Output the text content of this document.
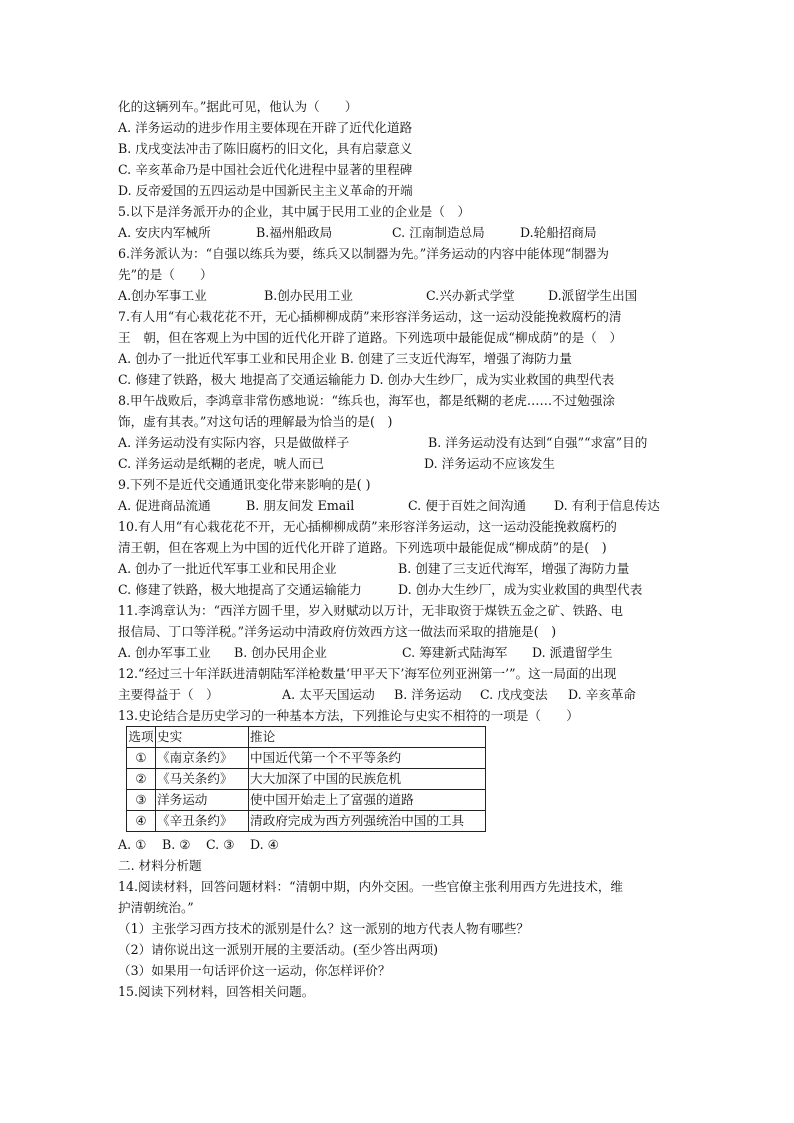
化的这辆列车。”据此可见，他认为（　　）
A. 洋务运动的进步作用主要体现在开辟了近代化道路
B. 戊戌变法冲击了陈旧腐朽的旧文化，具有启蒙意义
C. 辛亥革命乃是中国社会近代化进程中显著的里程碑
D. 反帝爱国的五四运动是中国新民主主义革命的开端
5.以下是洋务派开办的企业，其中属于民用工业的企业是（　）
A. 安庆内军械所	B.福州船政局	C. 江南制造总局	D.轮船招商局
6.洋务派认为：“自强以练兵为要，练兵又以制器为先。”洋务运动的内容中能体现“制器为
先”的是（　　）
A.创办军事工业	B.创办民用工业	C.兴办新式学堂	D.派留学生出国
7.有人用“有心栽花花不开，无心插柳柳成荫”来形容洋务运动，这一运动没能挽救腐朽的清
王　朝，但在客观上为中国的近代化开辟了道路。下列选项中最能促成“柳成荫”的是（　）
A. 创办了一批近代军事工业和民用企业 B. 创建了三支近代海军，增强了海防力量
C. 修建了铁路，极大 地提高了交通运输能力 D. 创办大生纱厂，成为实业救国的典型代表
8.甲午战败后，李鸿章非常伤感地说：“练兵也，海军也，都是纸糊的老虎……不过勉强涂
饰，虚有其表。”对这句话的理解最为恰当的是(　)
A. 洋务运动没有实际内容，只是做做样子	B. 洋务运动没有达到“自强”“求富”目的
C. 洋务运动是纸糊的老虎，唬人而已	D. 洋务运动不应该发生
9.下列不是近代交通通讯变化带来影响的是( )
A. 促进商品流通	B. 朋友间发 Email	C. 便于百姓之间沟通	D. 有利于信息传达
10.有人用“有心栽花花不开，无心插柳柳成荫”来形容洋务运动，这一运动没能挽救腐朽的
清王朝，但在客观上为中国的近代化开辟了道路。下列选项中最能促成“柳成荫”的是(　)
A. 创办了一批近代军事工业和民用企业	B. 创建了三支近代海军，增强了海防力量
C. 修建了铁路，极大地提高了交通运输能力	D. 创办大生纱厂，成为实业救国的典型代表
11.李鸿章认为：“西洋方圆千里，岁入财赋动以万计，无非取资于煤铁五金之矿、铁路、电
报信局、丁口等洋税。”洋务运动中清政府仿效西方这一做法而采取的措施是(　)
A. 创办军事工业	B. 创办民用企业	C. 筹建新式陆海军	D. 派遣留学生
12.“经过三十年洋跃进清朝陆军洋枪数量‘甲平天下’海军位列亚洲第一’”。这一局面的出现
主要得益于（　）	A. 太平天国运动	B. 洋务运动	C. 戊戌变法	D. 辛亥革命
13.史论结合是历史学习的一种基本方法，下列推论与史实不相符的一项是（　　）
选项	史实	推论
①	《南京条约》	中国近代第一个不平等条约
②	《马关条约》	大大加深了中国的民族危机
③	洋务运动	使中国开始走上了富强的道路
④	《辛丑条约》	清政府完成为西方列强统治中国的工具
A. ①	B. ②	C. ③	D. ④
二. 材料分析题
14.阅读材料，回答问题材料：“清朝中期，内外交困。一些官僚主张利用西方先进技术，维
护清朝统治。”
（1）主张学习西方技术的派别是什么？这一派别的地方代表人物有哪些？
（2）请你说出这一派别开展的主要活动。(至少答出两项)
（3）如果用一句话评价这一运动，你怎样评价？
15.阅读下列材料，回答相关问题。
